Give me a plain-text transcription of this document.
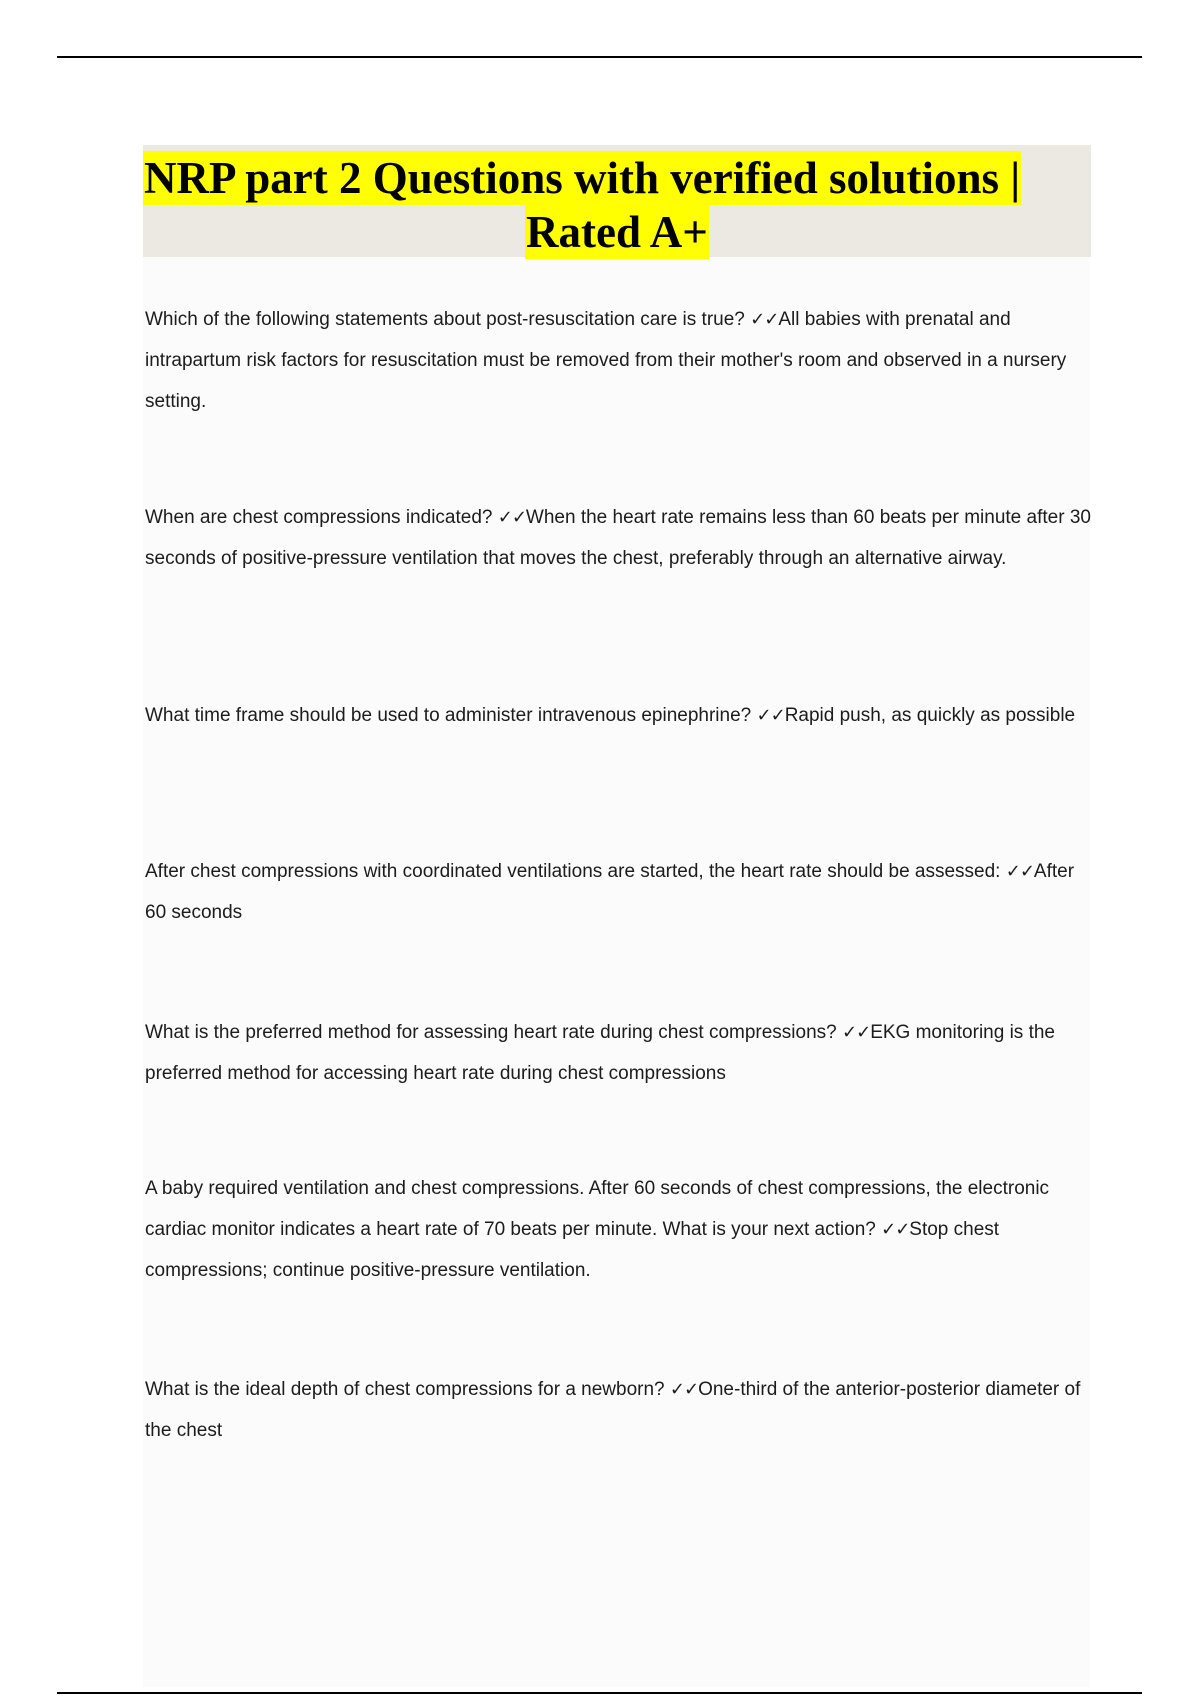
NRP part 2 Questions with verified solutions |
Rated A+

Which of the following statements about post-resuscitation care is true? ✓✓All babies with prenatal and intrapartum risk factors for resuscitation must be removed from their mother's room and observed in a nursery setting.

When are chest compressions indicated? ✓✓When the heart rate remains less than 60 beats per minute after 30 seconds of positive-pressure ventilation that moves the chest, preferably through an alternative airway.

What time frame should be used to administer intravenous epinephrine? ✓✓Rapid push, as quickly as possible

After chest compressions with coordinated ventilations are started, the heart rate should be assessed: ✓✓After 60 seconds

What is the preferred method for assessing heart rate during chest compressions? ✓✓EKG monitoring is the preferred method for accessing heart rate during chest compressions

A baby required ventilation and chest compressions. After 60 seconds of chest compressions, the electronic cardiac monitor indicates a heart rate of 70 beats per minute. What is your next action? ✓✓Stop chest compressions; continue positive-pressure ventilation.

What is the ideal depth of chest compressions for a newborn? ✓✓One-third of the anterior-posterior diameter of the chest
